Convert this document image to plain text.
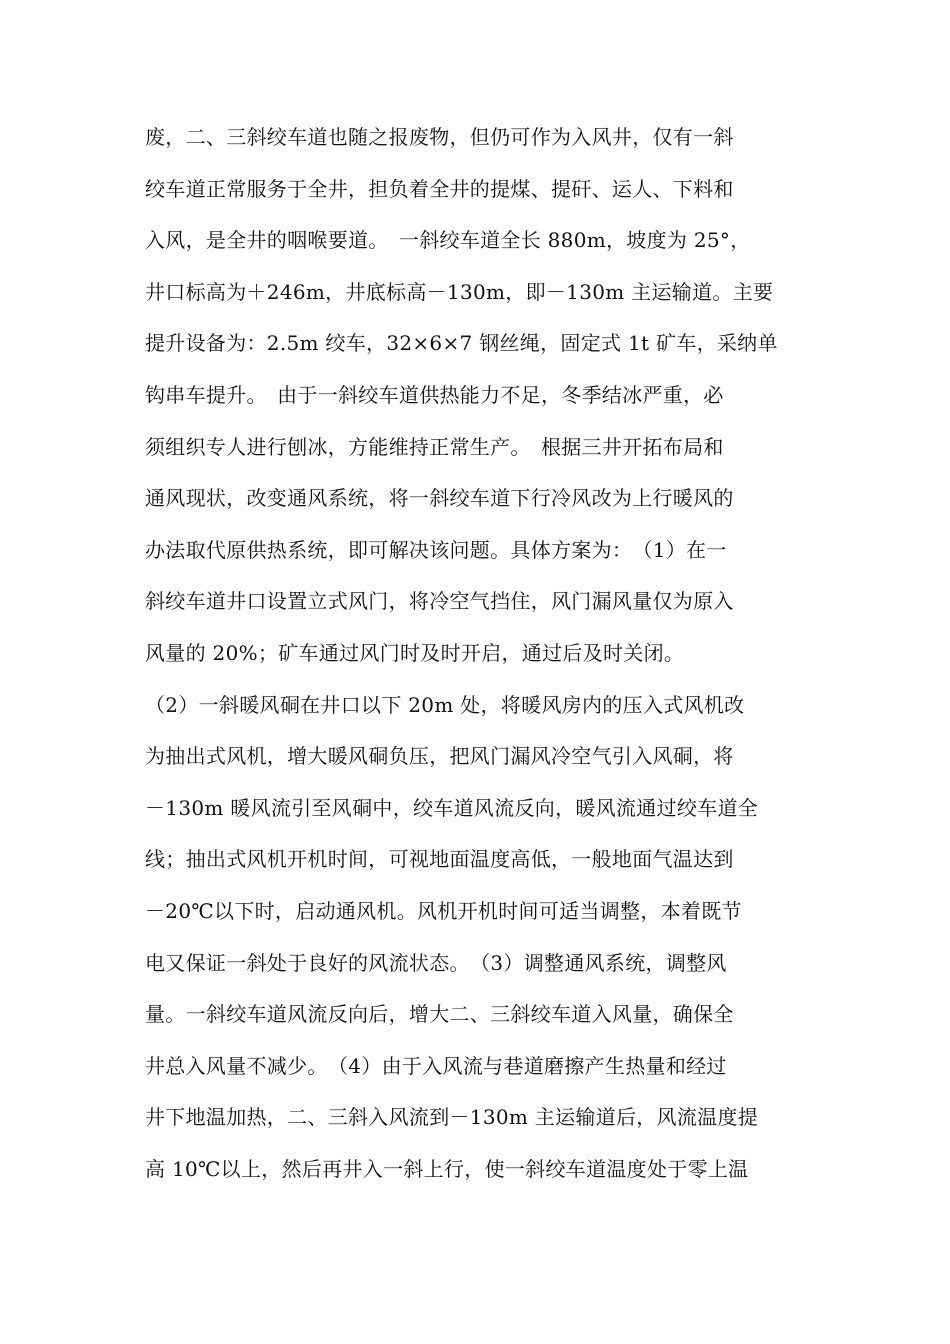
废，二、三斜绞车道也随之报废物，但仍可作为入风井，仅有一斜
绞车道正常服务于全井，担负着全井的提煤、提矸、运人、下料和
入风，是全井的咽喉要道。　一斜绞车道全长 880m，坡度为 25°，
井口标高为＋246m，井底标高－130m，即－130m 主运输道。主要
提升设备为：2.5m 绞车，32×6×7 钢丝绳，固定式 1t 矿车，采纳单
钩串车提升。　由于一斜绞车道供热能力不足，冬季结冰严重，必
须组织专人进行刨冰，方能维持正常生产。　根据三井开拓布局和
通风现状，改变通风系统，将一斜绞车道下行冷风改为上行暖风的
办法取代原供热系统，即可解决该问题。具体方案为：　（1）在一
斜绞车道井口设置立式风门，将冷空气挡住，风门漏风量仅为原入
风量的 20%；矿车通过风门时及时开启，通过后及时关闭。
（2）一斜暖风硐在井口以下 20m 处，将暖风房内的压入式风机改
为抽出式风机，增大暖风硐负压，把风门漏风冷空气引入风硐，将
－130m 暖风流引至风硐中，绞车道风流反向，暖风流通过绞车道全
线；抽出式风机开机时间，可视地面温度高低，一般地面气温达到
－20℃以下时，启动通风机。风机开机时间可适当调整，本着既节
电又保证一斜处于良好的风流状态。　（3）调整通风系统，调整风
量。一斜绞车道风流反向后，增大二、三斜绞车道入风量，确保全
井总入风量不减少。　（4）由于入风流与巷道磨擦产生热量和经过
井下地温加热，二、三斜入风流到－130m 主运输道后，风流温度提
高 10℃以上，然后再井入一斜上行，使一斜绞车道温度处于零上温
